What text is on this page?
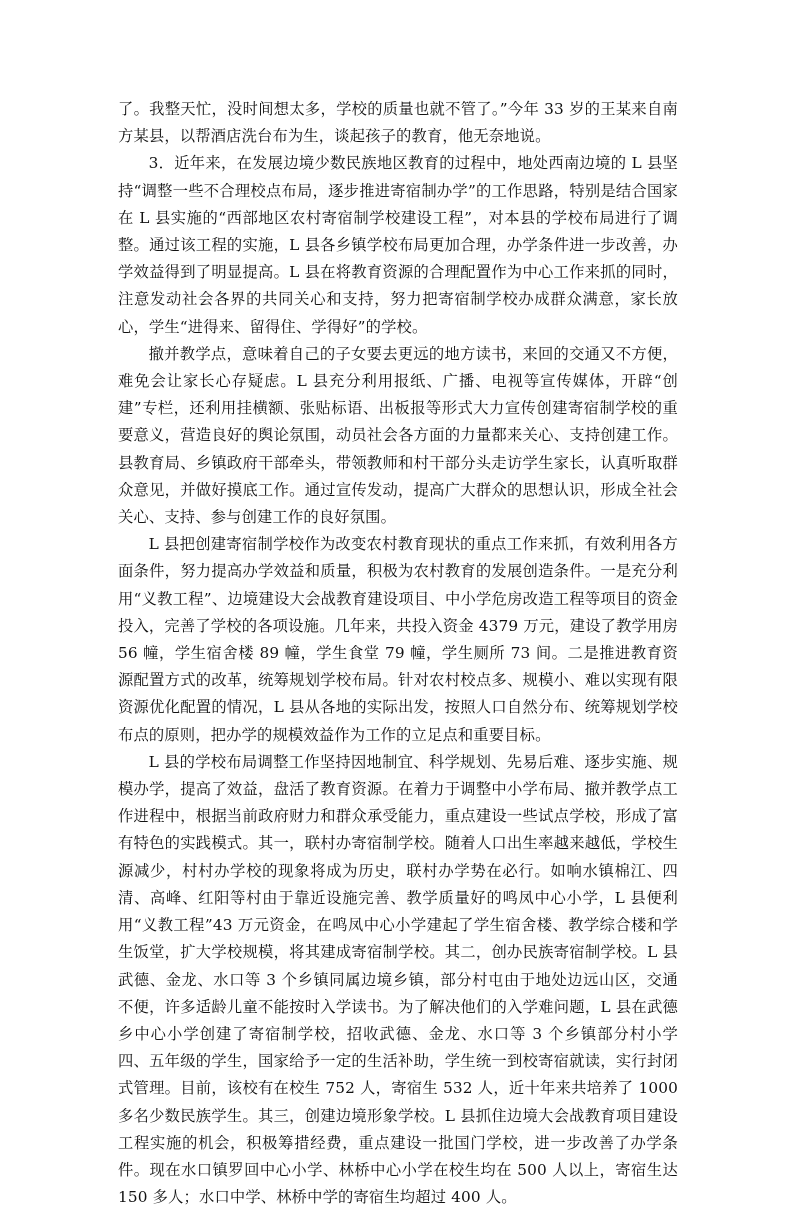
了。我整天忙，没时间想太多，学校的质量也就不管了。”今年 33 岁的王某来自南方某县，以帮酒店洗台布为生，谈起孩子的教育，他无奈地说。

3．近年来，在发展边境少数民族地区教育的过程中，地处西南边境的 L 县坚持“调整一些不合理校点布局，逐步推进寄宿制办学”的工作思路，特别是结合国家在 L 县实施的“西部地区农村寄宿制学校建设工程”，对本县的学校布局进行了调整。通过该工程的实施，L 县各乡镇学校布局更加合理，办学条件进一步改善，办学效益得到了明显提高。L 县在将教育资源的合理配置作为中心工作来抓的同时，注意发动社会各界的共同关心和支持，努力把寄宿制学校办成群众满意，家长放心，学生“进得来、留得住、学得好”的学校。

撤并教学点，意味着自己的子女要去更远的地方读书，来回的交通又不方便，难免会让家长心存疑虑。L 县充分利用报纸、广播、电视等宣传媒体，开辟“创建”专栏，还利用挂横额、张贴标语、出板报等形式大力宣传创建寄宿制学校的重要意义，营造良好的舆论氛围，动员社会各方面的力量都来关心、支持创建工作。县教育局、乡镇政府干部牵头，带领教师和村干部分头走访学生家长，认真听取群众意见，并做好摸底工作。通过宣传发动，提高广大群众的思想认识，形成全社会关心、支持、参与创建工作的良好氛围。

L 县把创建寄宿制学校作为改变农村教育现状的重点工作来抓，有效利用各方面条件，努力提高办学效益和质量，积极为农村教育的发展创造条件。一是充分利用“义教工程”、边境建设大会战教育建设项目、中小学危房改造工程等项目的资金投入，完善了学校的各项设施。几年来，共投入资金 4379 万元，建设了教学用房 56 幢，学生宿舍楼 89 幢，学生食堂 79 幢，学生厕所 73 间。二是推进教育资源配置方式的改革，统筹规划学校布局。针对农村校点多、规模小、难以实现有限资源优化配置的情况，L 县从各地的实际出发，按照人口自然分布、统筹规划学校布点的原则，把办学的规模效益作为工作的立足点和重要目标。

L 县的学校布局调整工作坚持因地制宜、科学规划、先易后难、逐步实施、规模办学，提高了效益，盘活了教育资源。在着力于调整中小学布局、撤并教学点工作进程中，根据当前政府财力和群众承受能力，重点建设一些试点学校，形成了富有特色的实践模式。其一，联村办寄宿制学校。随着人口出生率越来越低，学校生源减少，村村办学校的现象将成为历史，联村办学势在必行。如响水镇棉江、四清、高峰、红阳等村由于靠近设施完善、教学质量好的鸣凤中心小学，L 县便利用“义教工程”43 万元资金，在鸣凤中心小学建起了学生宿舍楼、教学综合楼和学生饭堂，扩大学校规模，将其建成寄宿制学校。其二，创办民族寄宿制学校。L 县武德、金龙、水口等 3 个乡镇同属边境乡镇，部分村屯由于地处边远山区，交通不便，许多适龄儿童不能按时入学读书。为了解决他们的入学难问题，L 县在武德乡中心小学创建了寄宿制学校，招收武德、金龙、水口等 3 个乡镇部分村小学四、五年级的学生，国家给予一定的生活补助，学生统一到校寄宿就读，实行封闭式管理。目前，该校有在校生 752 人，寄宿生 532 人，近十年来共培养了 1000 多名少数民族学生。其三，创建边境形象学校。L 县抓住边境大会战教育项目建设工程实施的机会，积极筹措经费，重点建设一批国门学校，进一步改善了办学条件。现在水口镇罗回中心小学、林桥中心小学在校生均在 500 人以上，寄宿生达 150 多人；水口中学、林桥中学的寄宿生均超过 400 人。
